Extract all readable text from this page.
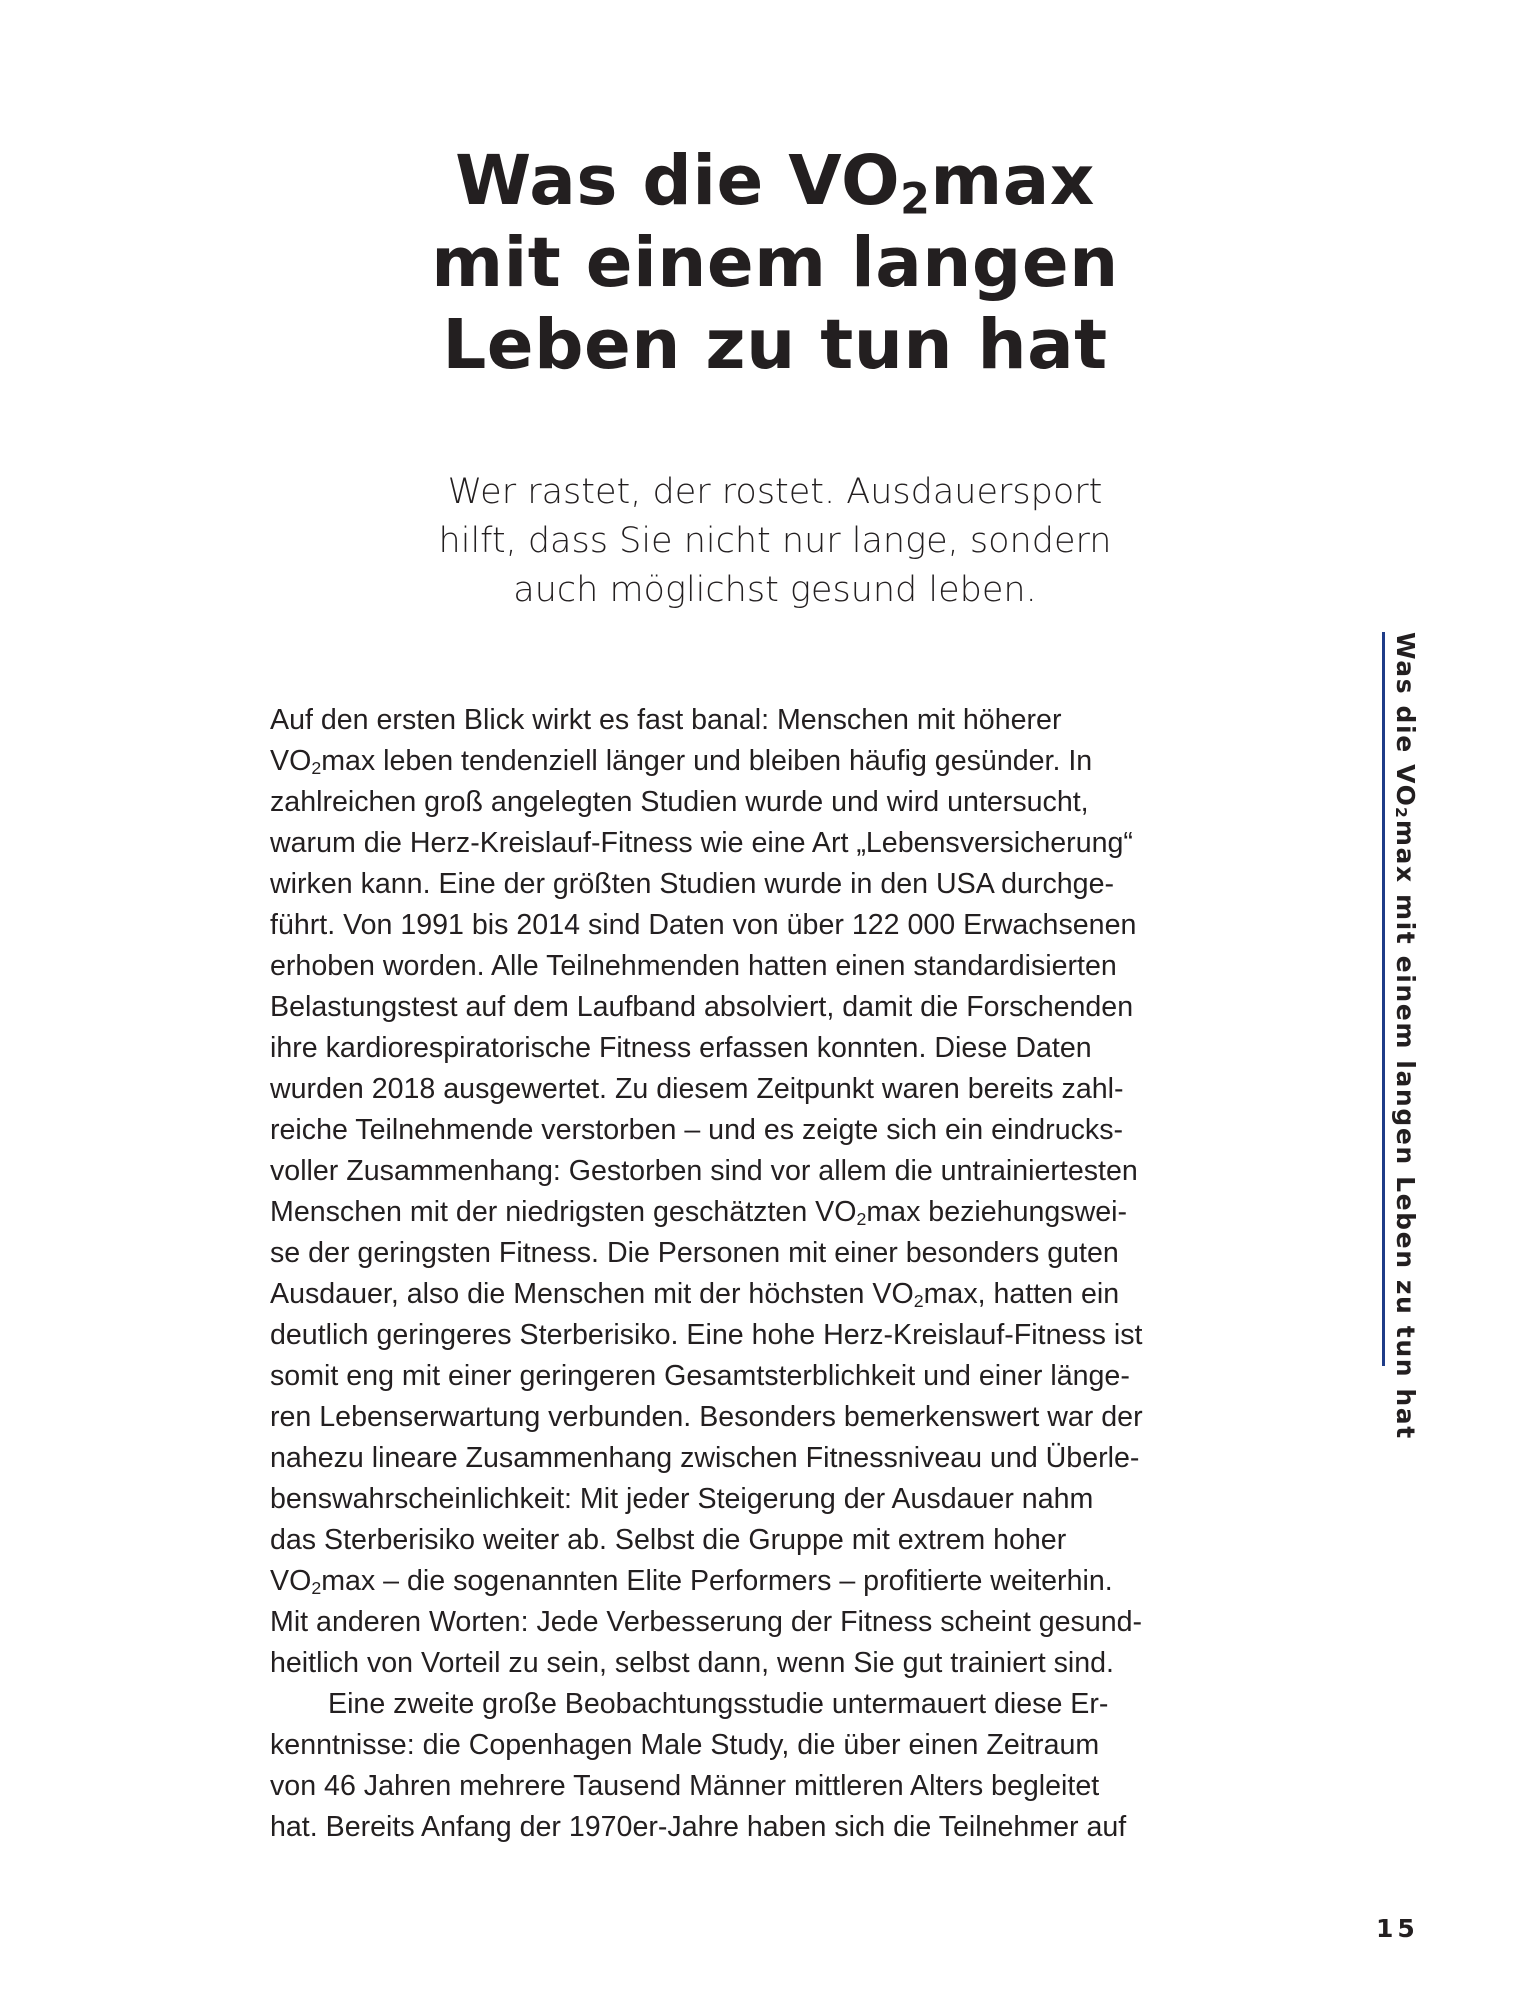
Was die $VO_2\max$
mit einem langen
Leben zu tun hat

Wer rastet, der rostet. Ausdauersport
hilft, dass Sie nicht nur lange, sondern
auch möglichst gesund leben.

Auf den ersten Blick wirkt es fast banal: Menschen mit höherer
$VO_2\max$ leben tendenziell länger und bleiben häufig gesünder. In
zahlreichen groß angelegten Studien wurde und wird untersucht,
warum die Herz-Kreislauf-Fitness wie eine Art „Lebensversicherung“
wirken kann. Eine der größten Studien wurde in den USA durchge-
führt. Von 1991 bis 2014 sind Daten von über 122 000 Erwachsenen
erhoben worden. Alle Teilnehmenden hatten einen standardisierten
Belastungstest auf dem Laufband absolviert, damit die Forschenden
ihre kardiorespiratorische Fitness erfassen konnten. Diese Daten
wurden 2018 ausgewertet. Zu diesem Zeitpunkt waren bereits zahl-
reiche Teilnehmende verstorben – und es zeigte sich ein eindrucks-
voller Zusammenhang: Gestorben sind vor allem die untrainiertesten
Menschen mit der niedrigsten geschätzten $VO_2\max$ beziehungswei-
se der geringsten Fitness. Die Personen mit einer besonders guten
Ausdauer, also die Menschen mit der höchsten $VO_2\max$, hatten ein
deutlich geringeres Sterberisiko. Eine hohe Herz-Kreislauf-Fitness ist
somit eng mit einer geringeren Gesamtsterblichkeit und einer länge-
ren Lebenserwartung verbunden. Besonders bemerkenswert war der
nahezu lineare Zusammenhang zwischen Fitnessniveau und Überle-
benswahrscheinlichkeit: Mit jeder Steigerung der Ausdauer nahm
das Sterberisiko weiter ab. Selbst die Gruppe mit extrem hoher
$VO_2\max$ – die sogenannten Elite Performers – profitierte weiterhin.
Mit anderen Worten: Jede Verbesserung der Fitness scheint gesund-
heitlich von Vorteil zu sein, selbst dann, wenn Sie gut trainiert sind.
Eine zweite große Beobachtungsstudie untermauert diese Er-
kenntnisse: die Copenhagen Male Study, die über einen Zeitraum
von 46 Jahren mehrere Tausend Männer mittleren Alters begleitet
hat. Bereits Anfang der 1970er-Jahre haben sich die Teilnehmer auf
Was die VO2max mit einem langen Leben zu tun hat
15
